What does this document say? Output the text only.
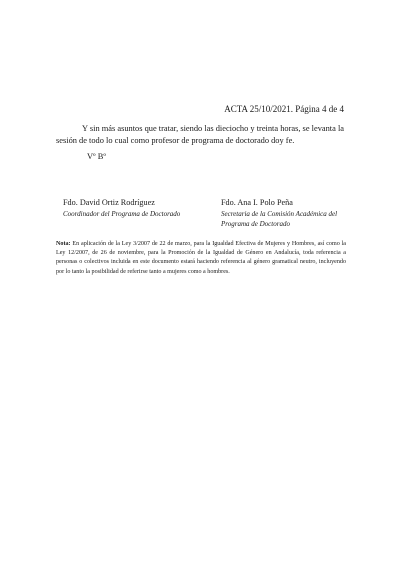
ACTA 25/10/2021. Página 4 de 4
Y sin más asuntos que tratar, siendo las dieciocho y treinta horas, se levanta la sesión de todo lo cual como profesor de programa de doctorado doy fe.
Vº Bº
Fdo. David Ortiz Rodríguez
Coordinador del Programa de Doctorado
Fdo. Ana I. Polo Peña
Secretaria de la Comisión Académica del Programa de Doctorado
Nota: En aplicación de la Ley 3/2007 de 22 de marzo, para la Igualdad Efectiva de Mujeres y Hombres, así como la Ley 12/2007, de 26 de noviembre, para la Promoción de la Igualdad de Género en Andalucía, toda referencia a personas o colectivos incluida en este documento estará haciendo referencia al género gramatical neutro, incluyendo por lo tanto la posibilidad de referirse tanto a mujeres como a hombres.
